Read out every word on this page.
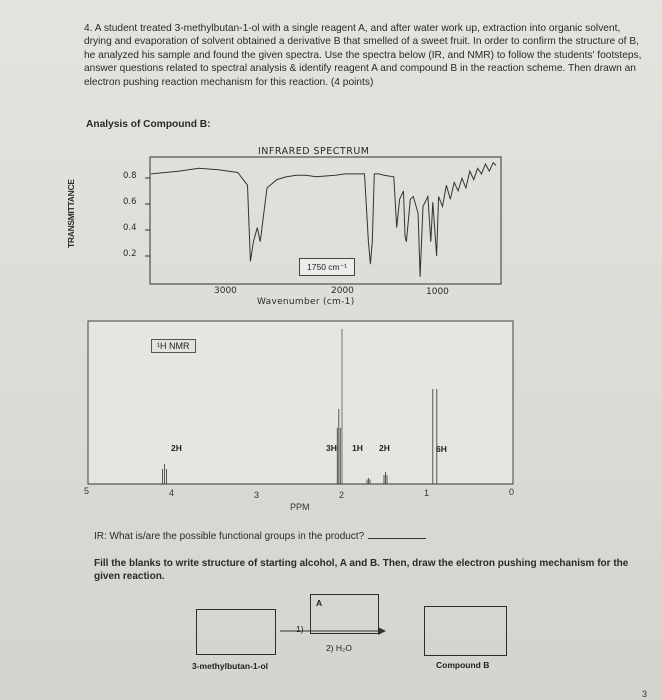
4. A student treated 3-methylbutan-1-ol with a single reagent A, and after water work up, extraction into organic solvent, drying and evaporation of solvent obtained a derivative B that smelled of a sweet fruit. In order to confirm the structure of B, he analyzed his sample and found the given spectra. Use the spectra below (IR, and NMR) to follow the students' footsteps, answer questions related to spectral analysis & identify reagent A and compound B in the reaction scheme. Then drawn an electron pushing reaction mechanism for this reaction. (4 points)
Analysis of Compound B:
INFRARED SPECTRUM
TRANSMITTANCE
0.8
0.6
0.4
0.2
3000	2000	1000
Wavenumber (cm-1)
1750 cm⁻¹
¹H NMR
2H	3H 1H 2H	6H
5	4	3	2	1	0
PPM
IR: What is/are the possible functional groups in the product?
Fill the blanks to write structure of starting alcohol, A and B. Then, draw the electron pushing mechanism for the given reaction.
A
1)
2) H₂O
3-methylbutan-1-ol	Compound B
3
